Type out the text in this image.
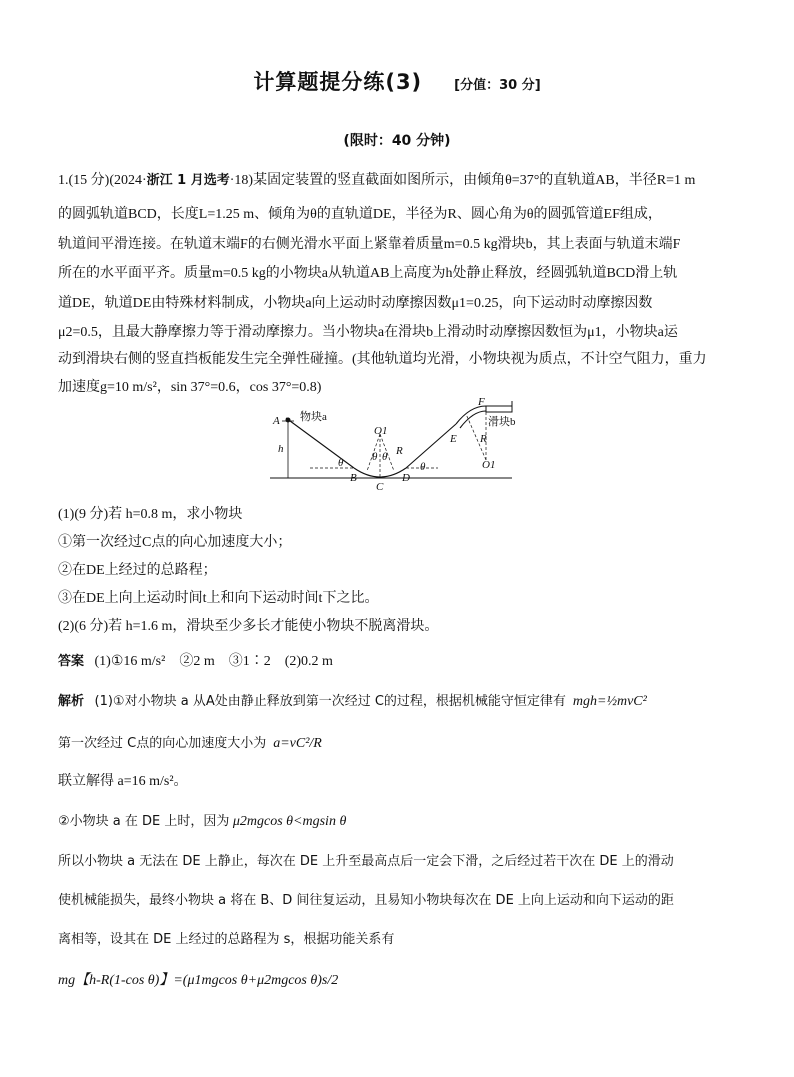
计算题提分练(3) [分值：30 分]
(限时：40 分钟)
1.(15 分)(2024·浙江 1 月选考·18)某固定装置的竖直截面如图所示，由倾角θ=37°的直轨道AB，半径R=1 m
的圆弧轨道BCD，长度L=1.25 m、倾角为θ的直轨道DE，半径为R、圆心角为θ的圆弧管道EF组成，
轨道间平滑连接。在轨道末端F的右侧光滑水平面上紧靠着质量m=0.5 kg滑块b，其上表面与轨道末端F
所在的水平面平齐。质量m=0.5 kg的小物块a从轨道AB上高度为h处静止释放，经圆弧轨道BCD滑上轨
道DE，轨道DE由特殊材料制成，小物块a向上运动时动摩擦因数μ1=0.25，向下运动时动摩擦因数
μ2=0.5，且最大静摩擦力等于滑动摩擦力。当小物块a在滑块b上滑动时动摩擦因数恒为μ1，小物块a运
动到滑块右侧的竖直挡板能发生完全弹性碰撞。(其他轨道均光滑，小物块视为质点，不计空气阻力，重力
加速度g=10 m/s²，sin 37°=0.6，cos 37°=0.8)
A 物块a
h
θ
B
C
D
O1
θ θ R
θ
E
F
R
O1
滑块b
(1)(9 分)若 h=0.8 m，求小物块
①第一次经过C点的向心加速度大小；
②在DE上经过的总路程；
③在DE上向上运动时间t上和向下运动时间t下之比。
(2)(6 分)若 h=1.6 m，滑块至少多长才能使小物块不脱离滑块。
答案 (1)①16 m/s²　②2 m　③1∶2　(2)0.2 m
解析 (1)①对小物块 a 从A处由静止释放到第一次经过 C的过程，根据机械能守恒定律有 mgh=½mvC²
第一次经过 C点的向心加速度大小为 a=vC²/R
联立解得 a=16 m/s²。
②小物块 a 在 DE 上时，因为 μ2mgcos θ<mgsin θ
所以小物块 a 无法在 DE 上静止，每次在 DE 上升至最高点后一定会下滑，之后经过若干次在 DE 上的滑动
使机械能损失，最终小物块 a 将在 B、D 间往复运动，且易知小物块每次在 DE 上向上运动和向下运动的距
离相等，设其在 DE 上经过的总路程为 s，根据功能关系有
mg【h-R(1-cos θ)】=(μ1mgcos θ+μ2mgcos θ)s/2
